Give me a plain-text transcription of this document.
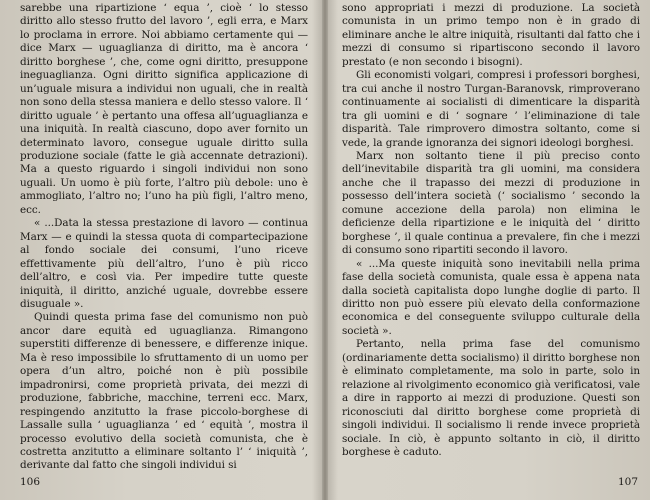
sarebbe una ripartizione ‘ equa ’, cioè ‘ lo stesso diritto allo stesso frutto del lavoro ’, egli erra, e Marx lo proclama in errore. Noi abbiamo certamente qui — dice Marx — uguaglianza di diritto, ma è ancora ‘ diritto borghese ’, che, come ogni diritto, presuppone ineguaglianza. Ogni diritto significa applicazione di un’uguale misura a individui non uguali, che in realtà non sono della stessa maniera e dello stesso valore. Il ‘ diritto uguale ’ è pertanto una offesa all’uguaglianza e una iniquità. In realtà ciascuno, dopo aver fornito un determinato lavoro, consegue uguale diritto sulla produzione sociale (fatte le già accennate detrazioni). Ma a questo riguardo i singoli individui non sono uguali. Un uomo è più forte, l’altro più debole: uno è ammogliato, l’altro no; l’uno ha più figli, l’altro meno, ecc.

« ...Data la stessa prestazione di lavoro — continua Marx — e quindi la stessa quota di compartecipazione al fondo sociale dei consumi, l’uno riceve effettivamente più dell’altro, l’uno è più ricco dell’altro, e così via. Per impedire tutte queste iniquità, il diritto, anziché uguale, dovrebbe essere disuguale ».

Quindi questa prima fase del comunismo non può ancor dare equità ed uguaglianza. Rimangono superstiti differenze di benessere, e differenze inique. Ma è reso impossibile lo sfruttamento di un uomo per opera d’un altro, poiché non è più possibile impadronirsi, come proprietà privata, dei mezzi di produzione, fabbriche, macchine, terreni ecc. Marx, respingendo anzitutto la frase piccolo-borghese di Lassalle sulla ‘ uguaglianza ’ ed ‘ equità ’, mostra il processo evolutivo della società comunista, che è costretta anzitutto a eliminare soltanto l’ ‘ iniquità ’, derivante dal fatto che singoli individui si

106

sono appropriati i mezzi di produzione. La società comunista in un primo tempo non è in grado di eliminare anche le altre iniquità, risultanti dal fatto che i mezzi di consumo si ripartiscono secondo il lavoro prestato (e non secondo i bisogni).

Gli economisti volgari, compresi i professori borghesi, tra cui anche il nostro Turgan-Baranovsk, rimproverano continuamente ai socialisti di dimenticare la disparità tra gli uomini e di ‘ sognare ’ l’eliminazione di tale disparità. Tale rimprovero dimostra soltanto, come si vede, la grande ignoranza dei signori ideologi borghesi.

Marx non soltanto tiene il più preciso conto dell’inevitabile disparità tra gli uomini, ma considera anche che il trapasso dei mezzi di produzione in possesso dell’intera società (‘ socialismo ’ secondo la comune accezione della parola) non elimina le deficienze della ripartizione e le iniquità del ‘ diritto borghese ’, il quale continua a prevalere, fin che i mezzi di consumo sono ripartiti secondo il lavoro.

« ...Ma queste iniquità sono inevitabili nella prima fase della società comunista, quale essa è appena nata dalla società capitalista dopo lunghe doglie di parto. Il diritto non può essere più elevato della conformazione economica e del conseguente sviluppo culturale della società ».

Pertanto, nella prima fase del comunismo (ordinariamente detta socialismo) il diritto borghese non è eliminato completamente, ma solo in parte, solo in relazione al rivolgimento economico già verificatosi, vale a dire in rapporto ai mezzi di produzione. Questi son riconosciuti dal diritto borghese come proprietà di singoli individui. Il socialismo li rende invece proprietà sociale. In ciò, è appunto soltanto in ciò, il diritto borghese è caduto.

107
